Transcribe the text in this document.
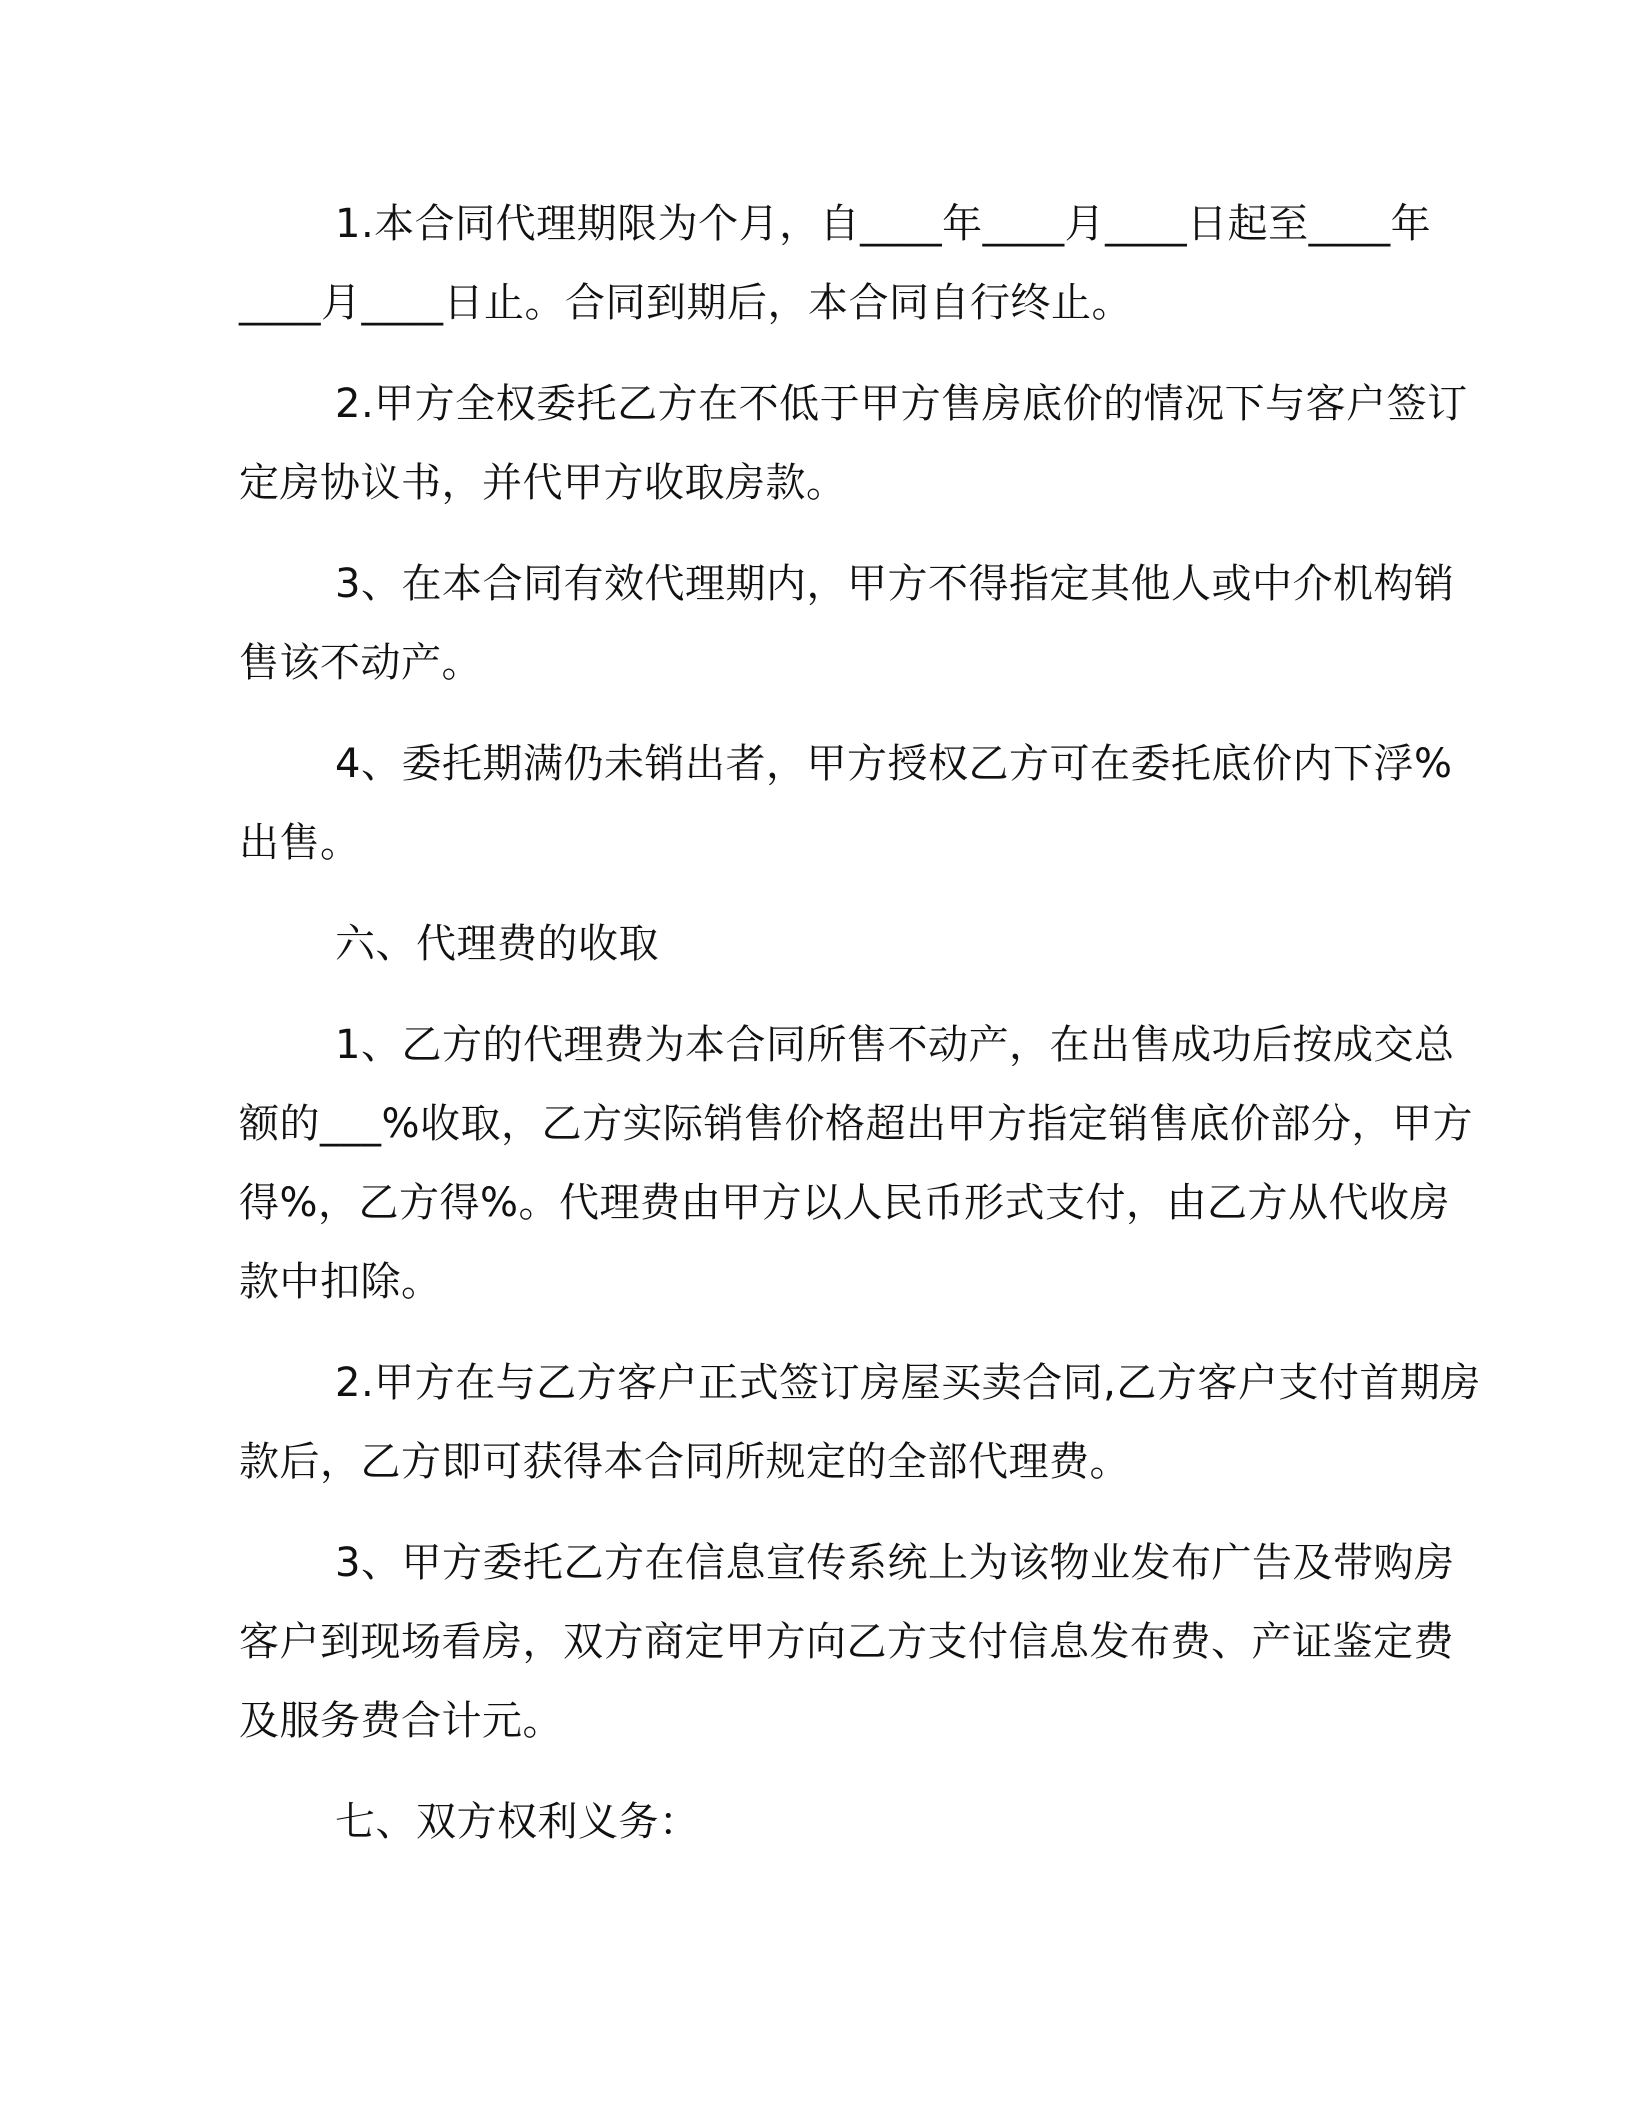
1.本合同代理期限为个月，自____年____月____日起至____年
____月____日止。合同到期后，本合同自行终止。
2.甲方全权委托乙方在不低于甲方售房底价的情况下与客户签订
定房协议书，并代甲方收取房款。
3、在本合同有效代理期内，甲方不得指定其他人或中介机构销
售该不动产。
4、委托期满仍未销出者，甲方授权乙方可在委托底价内下浮%
出售。
六、代理费的收取
1、乙方的代理费为本合同所售不动产，在出售成功后按成交总
额的___%收取，乙方实际销售价格超出甲方指定销售底价部分，甲方
得%，乙方得%。代理费由甲方以人民币形式支付，由乙方从代收房
款中扣除。
2.甲方在与乙方客户正式签订房屋买卖合同,乙方客户支付首期房
款后，乙方即可获得本合同所规定的全部代理费。
3、甲方委托乙方在信息宣传系统上为该物业发布广告及带购房
客户到现场看房，双方商定甲方向乙方支付信息发布费、产证鉴定费
及服务费合计元。
七、双方权利义务：
